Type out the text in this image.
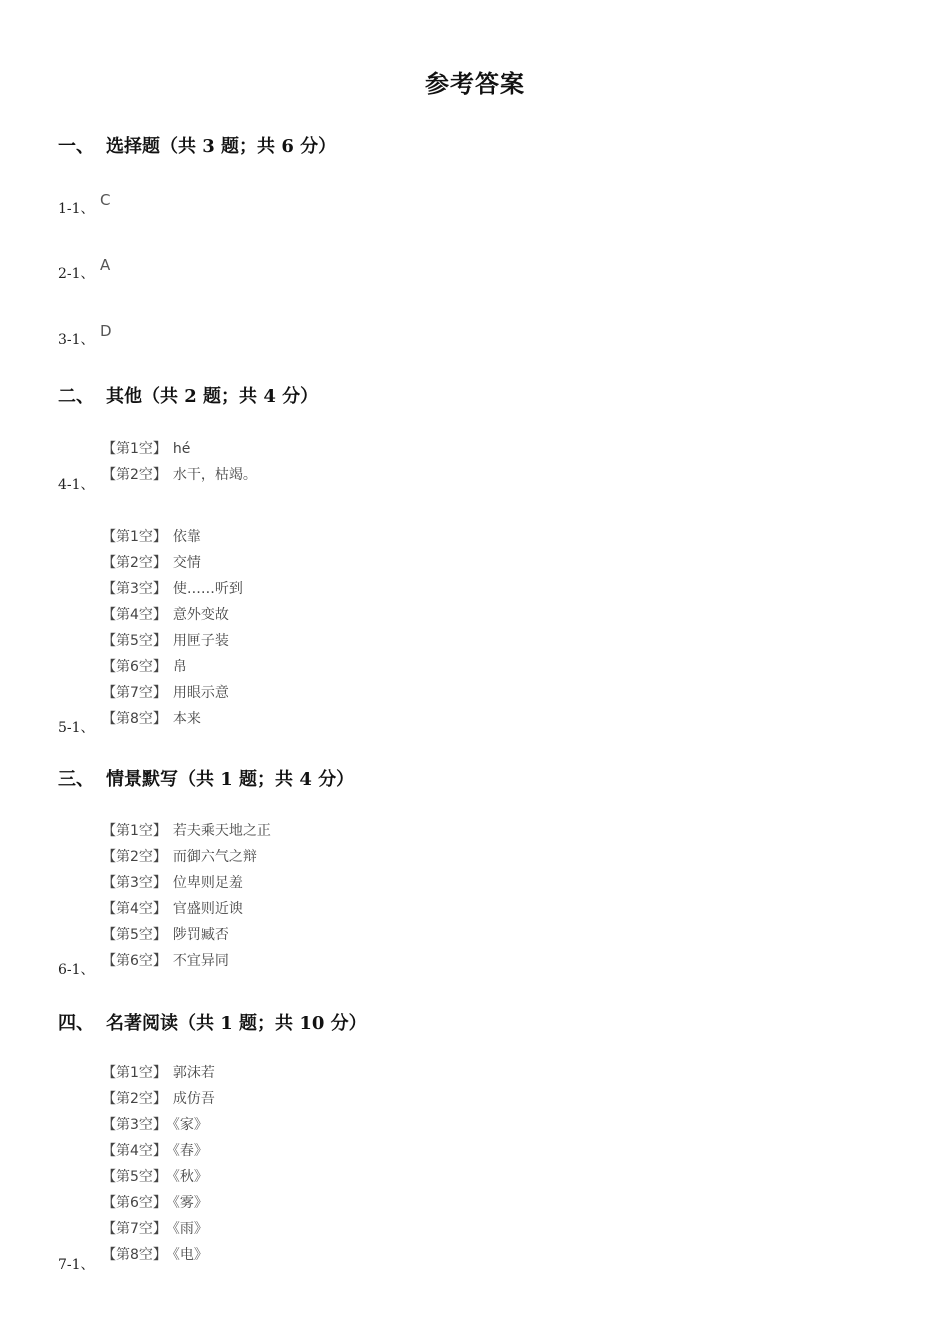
参考答案
一、 选择题（共 3 题；共 6 分）
1-1、 C
2-1、 A
3-1、 D
二、 其他（共 2 题；共 4 分）
【第1空】 hé
【第2空】 水干，枯竭。
4-1、
【第1空】 依靠
【第2空】 交情
【第3空】 使……听到
【第4空】 意外变故
【第5空】 用匣子装
【第6空】 帛
【第7空】 用眼示意
【第8空】 本来
5-1、
三、 情景默写（共 1 题；共 4 分）
【第1空】 若夫乘天地之正
【第2空】 而御六气之辩
【第3空】 位卑则足羞
【第4空】 官盛则近谀
【第5空】 陟罚臧否
【第6空】 不宜异同
6-1、
四、 名著阅读（共 1 题；共 10 分）
【第1空】 郭沫若
【第2空】 成仿吾
【第3空】 《家》
【第4空】 《春》
【第5空】 《秋》
【第6空】 《雾》
【第7空】 《雨》
【第8空】 《电》
7-1、
